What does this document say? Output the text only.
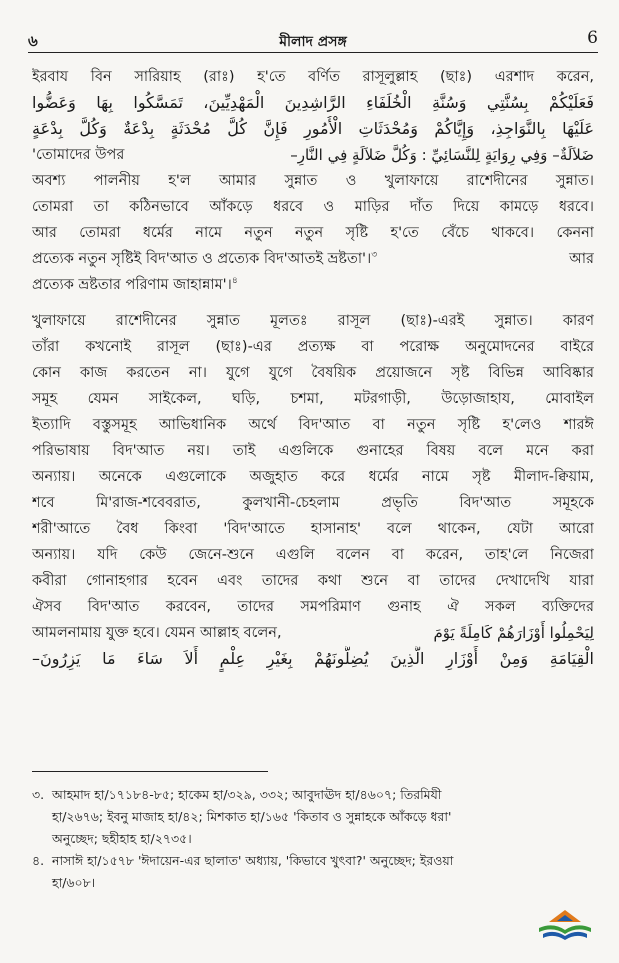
৬	মীলাদ প্রসঙ্গ	6
ইরবায বিন সারিয়াহ (রাঃ) হ'তে বর্ণিত রাসূলুল্লাহ (ছাঃ) এরশাদ করেন,
فَعَلَيْكُمْ بِسُنَّتِي وَسُنَّةِ الْخُلَفَاءِ الرَّاشِدِينَ الْمَهْدِيِّينَ، تَمَسَّكُوا بِهَا وَعَضُّوا
عَلَيْهَا بِالنَّوَاجِذِ، وَإِيَّاكُمْ وَمُحْدَثَاتِ الْأُمُورِ فَإِنَّ كُلَّ مُحْدَثَةٍ بِدْعَةٌ وَكُلَّ بِدْعَةٍ
'তোমাদের উপর	ضَلاَلَةٌ– وَفِي رِوَايَةٍ لِلنَّسَائِيِّ : وَكُلَّ ضَلاَلَةٍ فِي النَّارِ–
অবশ্য পালনীয় হ'ল আমার সুন্নাত ও খুলাফায়ে রাশেদীনের সুন্নাত।
তোমরা তা কঠিনভাবে আঁকড়ে ধরবে ও মাড়ির দাঁত দিয়ে কামড়ে ধরবে।
আর তোমরা ধর্মের নামে নতুন নতুন সৃষ্টি হ'তে বেঁচে থাকবে। কেননা
প্রত্যেক নতুন সৃষ্টিই বিদ'আত ও প্রত্যেক বিদ'আতই ভ্রষ্টতা'।$^৩$	আর
প্রত্যেক ভ্রষ্টতার পরিণাম জাহান্নাম'।$^৪$
খুলাফায়ে রাশেদীনের সুন্নাত মূলতঃ রাসূল (ছাঃ)-এরই সুন্নাত। কারণ
তাঁরা কখনোই রাসূল (ছাঃ)-এর প্রত্যক্ষ বা পরোক্ষ অনুমোদনের বাইরে
কোন কাজ করতেন না। যুগে যুগে বৈষয়িক প্রয়োজনে সৃষ্ট বিভিন্ন আবিষ্কার
সমূহ যেমন সাইকেল, ঘড়ি, চশমা, মটরগাড়ী, উড়োজাহায, মোবাইল
ইত্যাদি বস্তুসমূহ আভিধানিক অর্থে বিদ'আত বা নতুন সৃষ্টি হ'লেও শারঈ
পরিভাষায় বিদ'আত নয়। তাই এগুলিকে গুনাহের বিষয় বলে মনে করা
অন্যায়। অনেকে এগুলোকে অজুহাত করে ধর্মের নামে সৃষ্ট মীলাদ-ক্বিয়াম,
শবে মি'রাজ-শবেবরাত, কুলখানী-চেহলাম প্রভৃতি বিদ'আত সমূহকে
শরী'আতে বৈধ কিংবা 'বিদ'আতে হাসানাহ' বলে থাকেন, যেটা আরো
অন্যায়। যদি কেউ জেনে-শুনে এগুলি বলেন বা করেন, তাহ'লে নিজেরা
কবীরা গোনাহগার হবেন এবং তাদের কথা শুনে বা তাদের দেখাদেখি যারা
ঐসব বিদ'আত করবেন, তাদের সমপরিমাণ গুনাহ ঐ সকল ব্যক্তিদের
আমলনামায় যুক্ত হবে। যেমন আল্লাহ বলেন,	لِيَحْمِلُوا أَوْزَارَهُمْ كَامِلَةً يَوْمَ
الْقِيَامَةِ وَمِنْ أَوْزَارِ الَّذِينَ يُضِلُّونَهُمْ بِغَيْرِ عِلْمٍ أَلاَ سَاءَ مَا يَزِرُونَ–
৩. আহমাদ হা/১৭১৮৪-৮৫; হাকেম হা/৩২৯, ৩৩২; আবুদাঊদ হা/৪৬০৭; তিরমিযী
হা/২৬৭৬; ইবনু মাজাহ হা/৪২; মিশকাত হা/১৬৫ 'কিতাব ও সুন্নাহকে আঁকড়ে ধরা'
অনুচ্ছেদ; ছহীহাহ হা/২৭৩৫।
৪. নাসাঈ হা/১৫৭৮ 'ঈদায়েন-এর ছালাত' অধ্যায়, 'কিভাবে খুৎবা?' অনুচ্ছেদ; ইরওয়া
হা/৬০৮।
